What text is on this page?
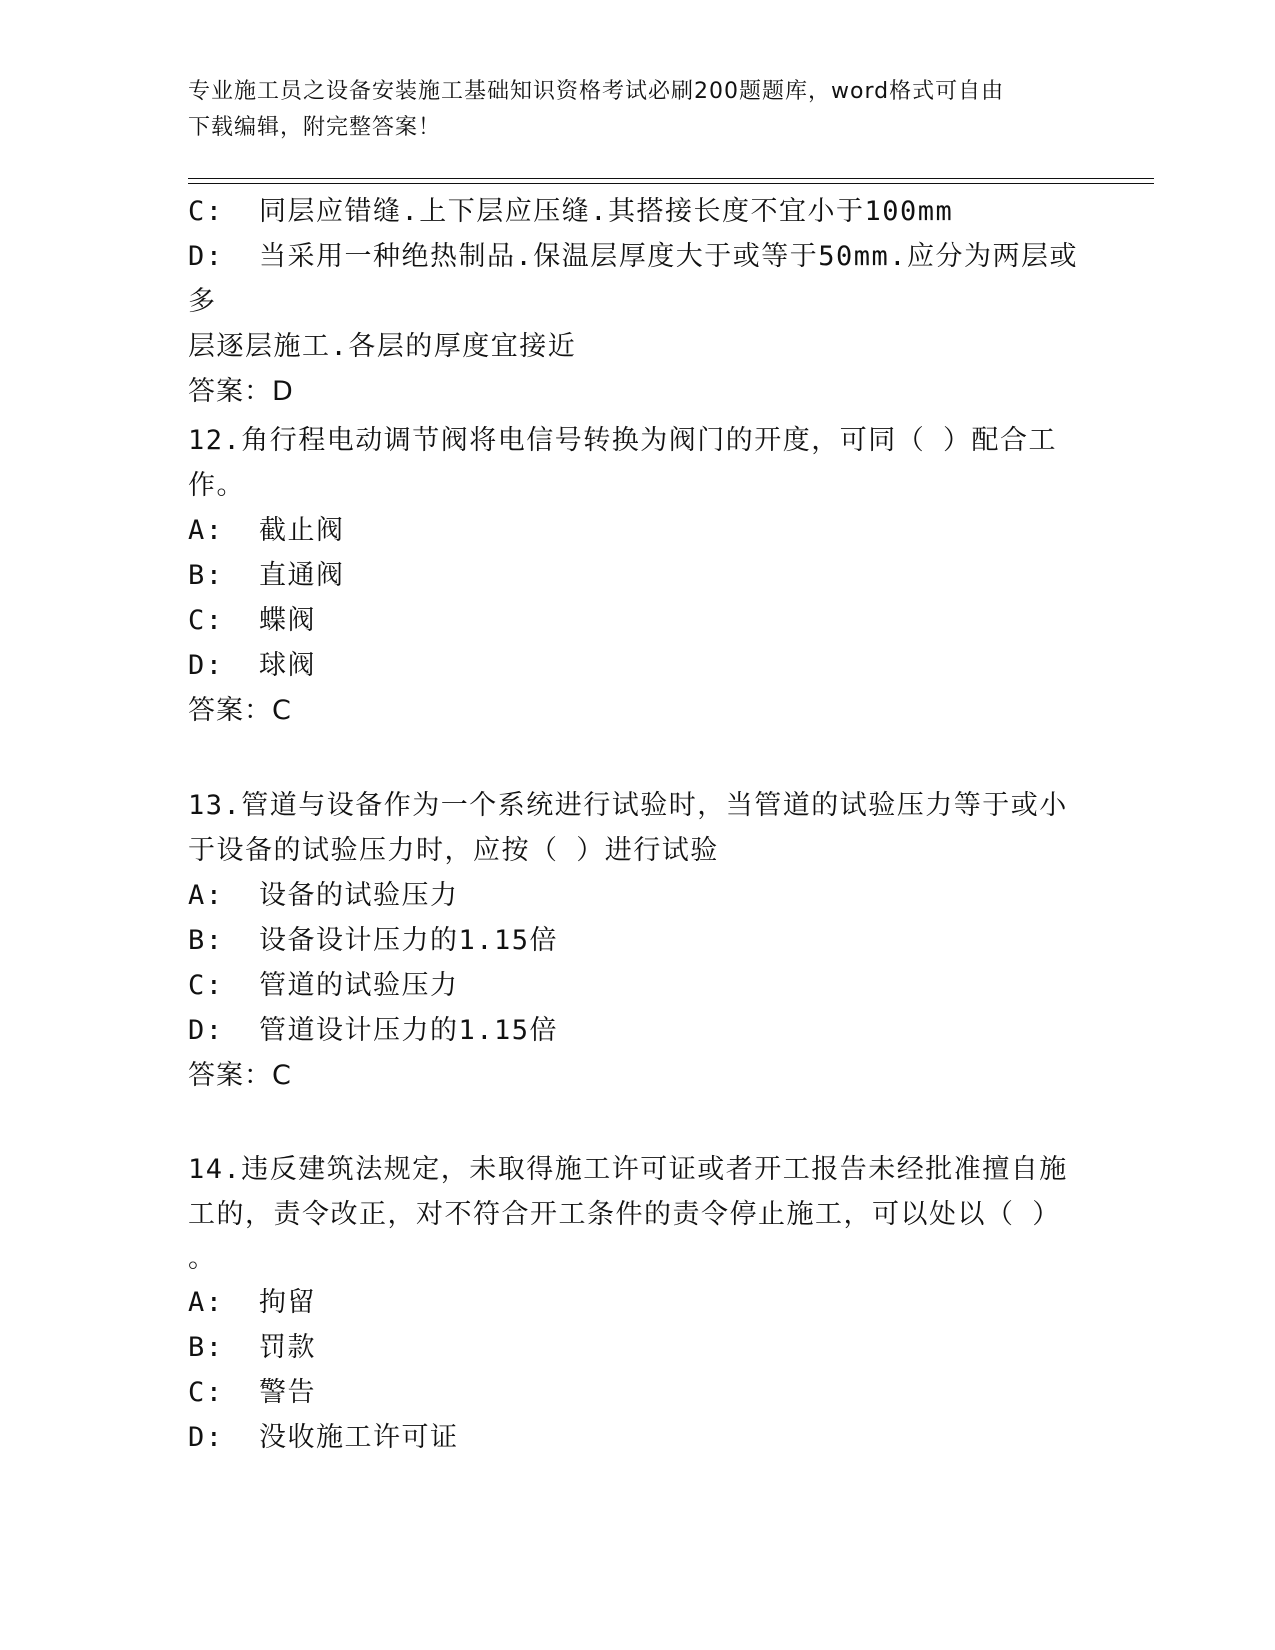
专业施工员之设备安装施工基础知识资格考试必刷200题题库，word格式可自由
下载编辑，附完整答案！
C:  同层应错缝.上下层应压缝.其搭接长度不宜小于100mm
D:  当采用一种绝热制品.保温层厚度大于或等于50mm.应分为两层或多
层逐层施工.各层的厚度宜接近
答案：D
12.角行程电动调节阀将电信号转换为阀门的开度，可同（ ）配合工
作。
A:  截止阀
B:  直通阀
C:  蝶阀
D:  球阀
答案：C
13.管道与设备作为一个系统进行试验时，当管道的试验压力等于或小
于设备的试验压力时，应按（ ）进行试验
A:  设备的试验压力
B:  设备设计压力的1.15倍
C:  管道的试验压力
D:  管道设计压力的1.15倍
答案：C
14.违反建筑法规定，未取得施工许可证或者开工报告未经批准擅自施
工的，责令改正，对不符合开工条件的责令停止施工，可以处以（ ）
。
A:  拘留
B:  罚款
C:  警告
D:  没收施工许可证
